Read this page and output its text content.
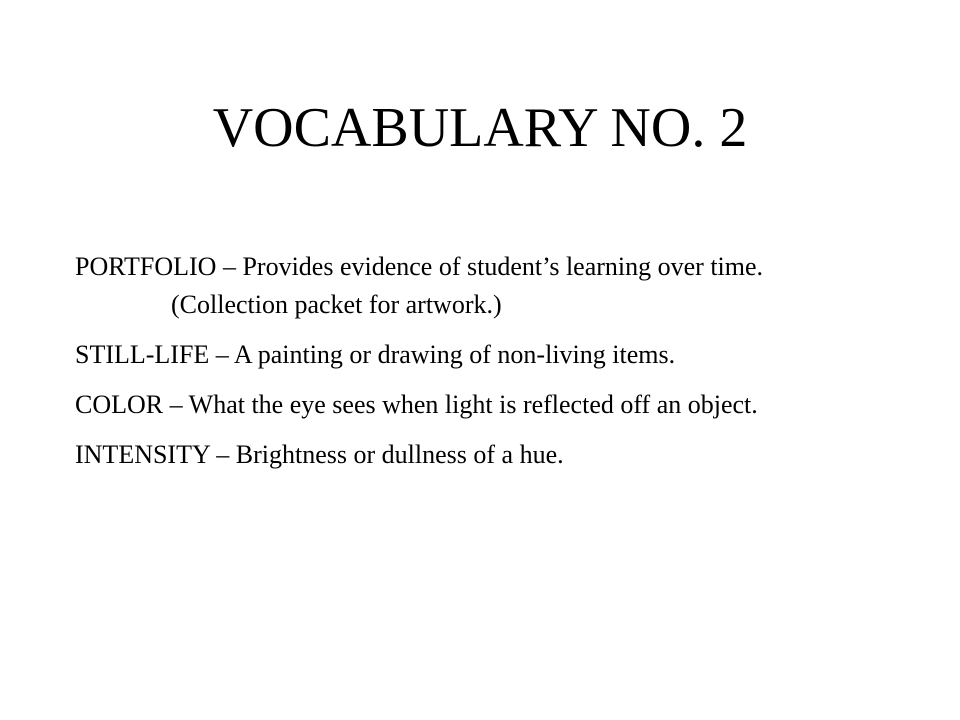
VOCABULARY NO. 2
PORTFOLIO – Provides evidence of student’s learning over time. (Collection packet for artwork.)
STILL-LIFE – A painting or drawing of non-living items.
COLOR – What the eye sees when light is reflected off an object.
INTENSITY – Brightness or dullness of a hue.
